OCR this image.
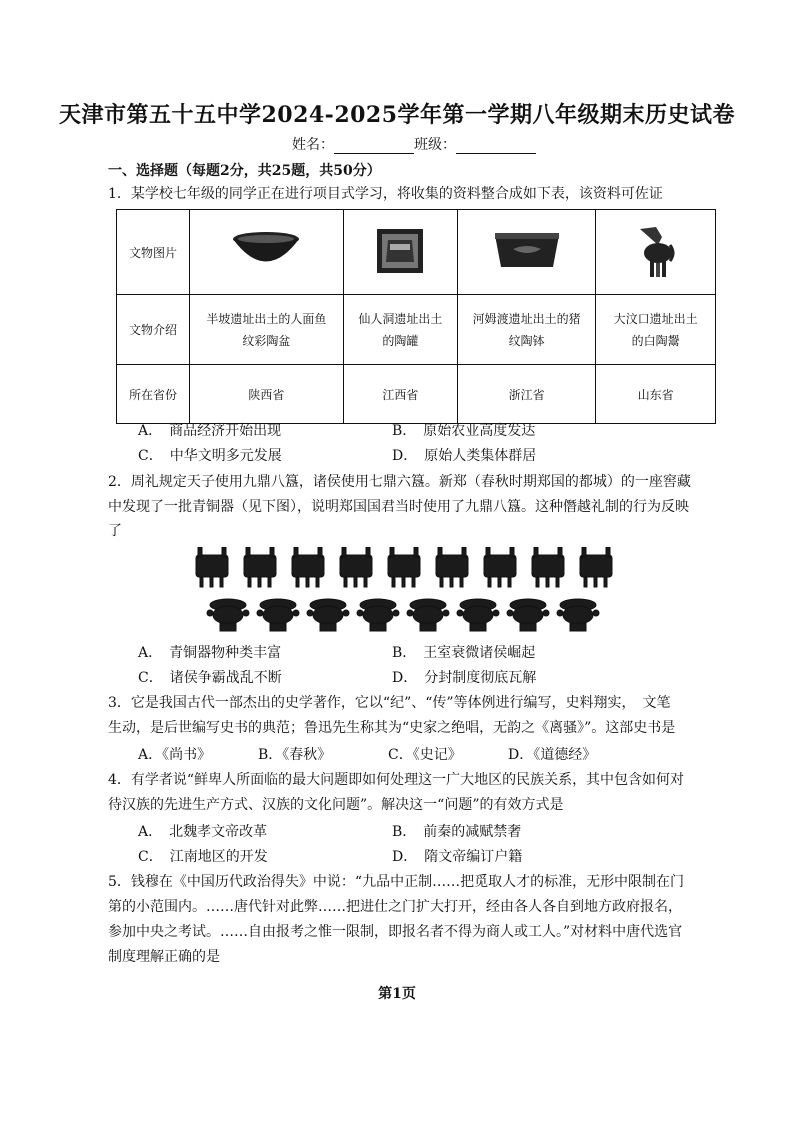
天津市第五十五中学2024-2025学年第一学期八年级期末历史试卷
姓名：	班级：
一、选择题（每题2分，共25题，共50分）
1．某学校七年级的同学正在进行项目式学习，将收集的资料整合成如下表，该资料可佐证
文物图片				
文物介绍	半坡遗址出土的人面鱼纹彩陶盆	仙人洞遗址出土的陶罐	河姆渡遗址出土的猪纹陶钵	大汶口遗址出土的白陶鬶
所在省份	陕西省	江西省	浙江省	山东省
A．　商品经济开始出现	B．　原始农业高度发达
C．　中华文明多元发展	D．　原始人类集体群居
2．周礼规定天子使用九鼎八簋，诸侯使用七鼎六簋。新郑（春秋时期郑国的都城）的一座窖藏
中发现了一批青铜器（见下图），说明郑国国君当时使用了九鼎八簋。这种僭越礼制的行为反映
了
A．　青铜器物种类丰富	B．　王室衰微诸侯崛起
C．　诸侯争霸战乱不断	D．　分封制度彻底瓦解
3．它是我国古代一部杰出的史学著作，它以“纪”、“传”等体例进行编写，史料翔实，　文笔
生动，是后世编写史书的典范；鲁迅先生称其为“史家之绝唱，无韵之《离骚》”。这部史书是
A．《尚书》	B．《春秋》	C．《史记》	D．《道德经》
4．有学者说“鲜卑人所面临的最大问题即如何处理这一广大地区的民族关系，其中包含如何对
待汉族的先进生产方式、汉族的文化问题”。解决这一“问题”的有效方式是
A．　北魏孝文帝改革	B．　前秦的减赋禁奢
C．　江南地区的开发	D．　隋文帝编订户籍
5．钱穆在《中国历代政治得失》中说：“九品中正制……把觅取人才的标准，无形中限制在门
第的小范围内。……唐代针对此弊……把进仕之门扩大打开，经由各人各自到地方政府报名，
参加中央之考试。……自由报考之惟一限制，即报名者不得为商人或工人。”对材料中唐代选官
制度理解正确的是
第1页
